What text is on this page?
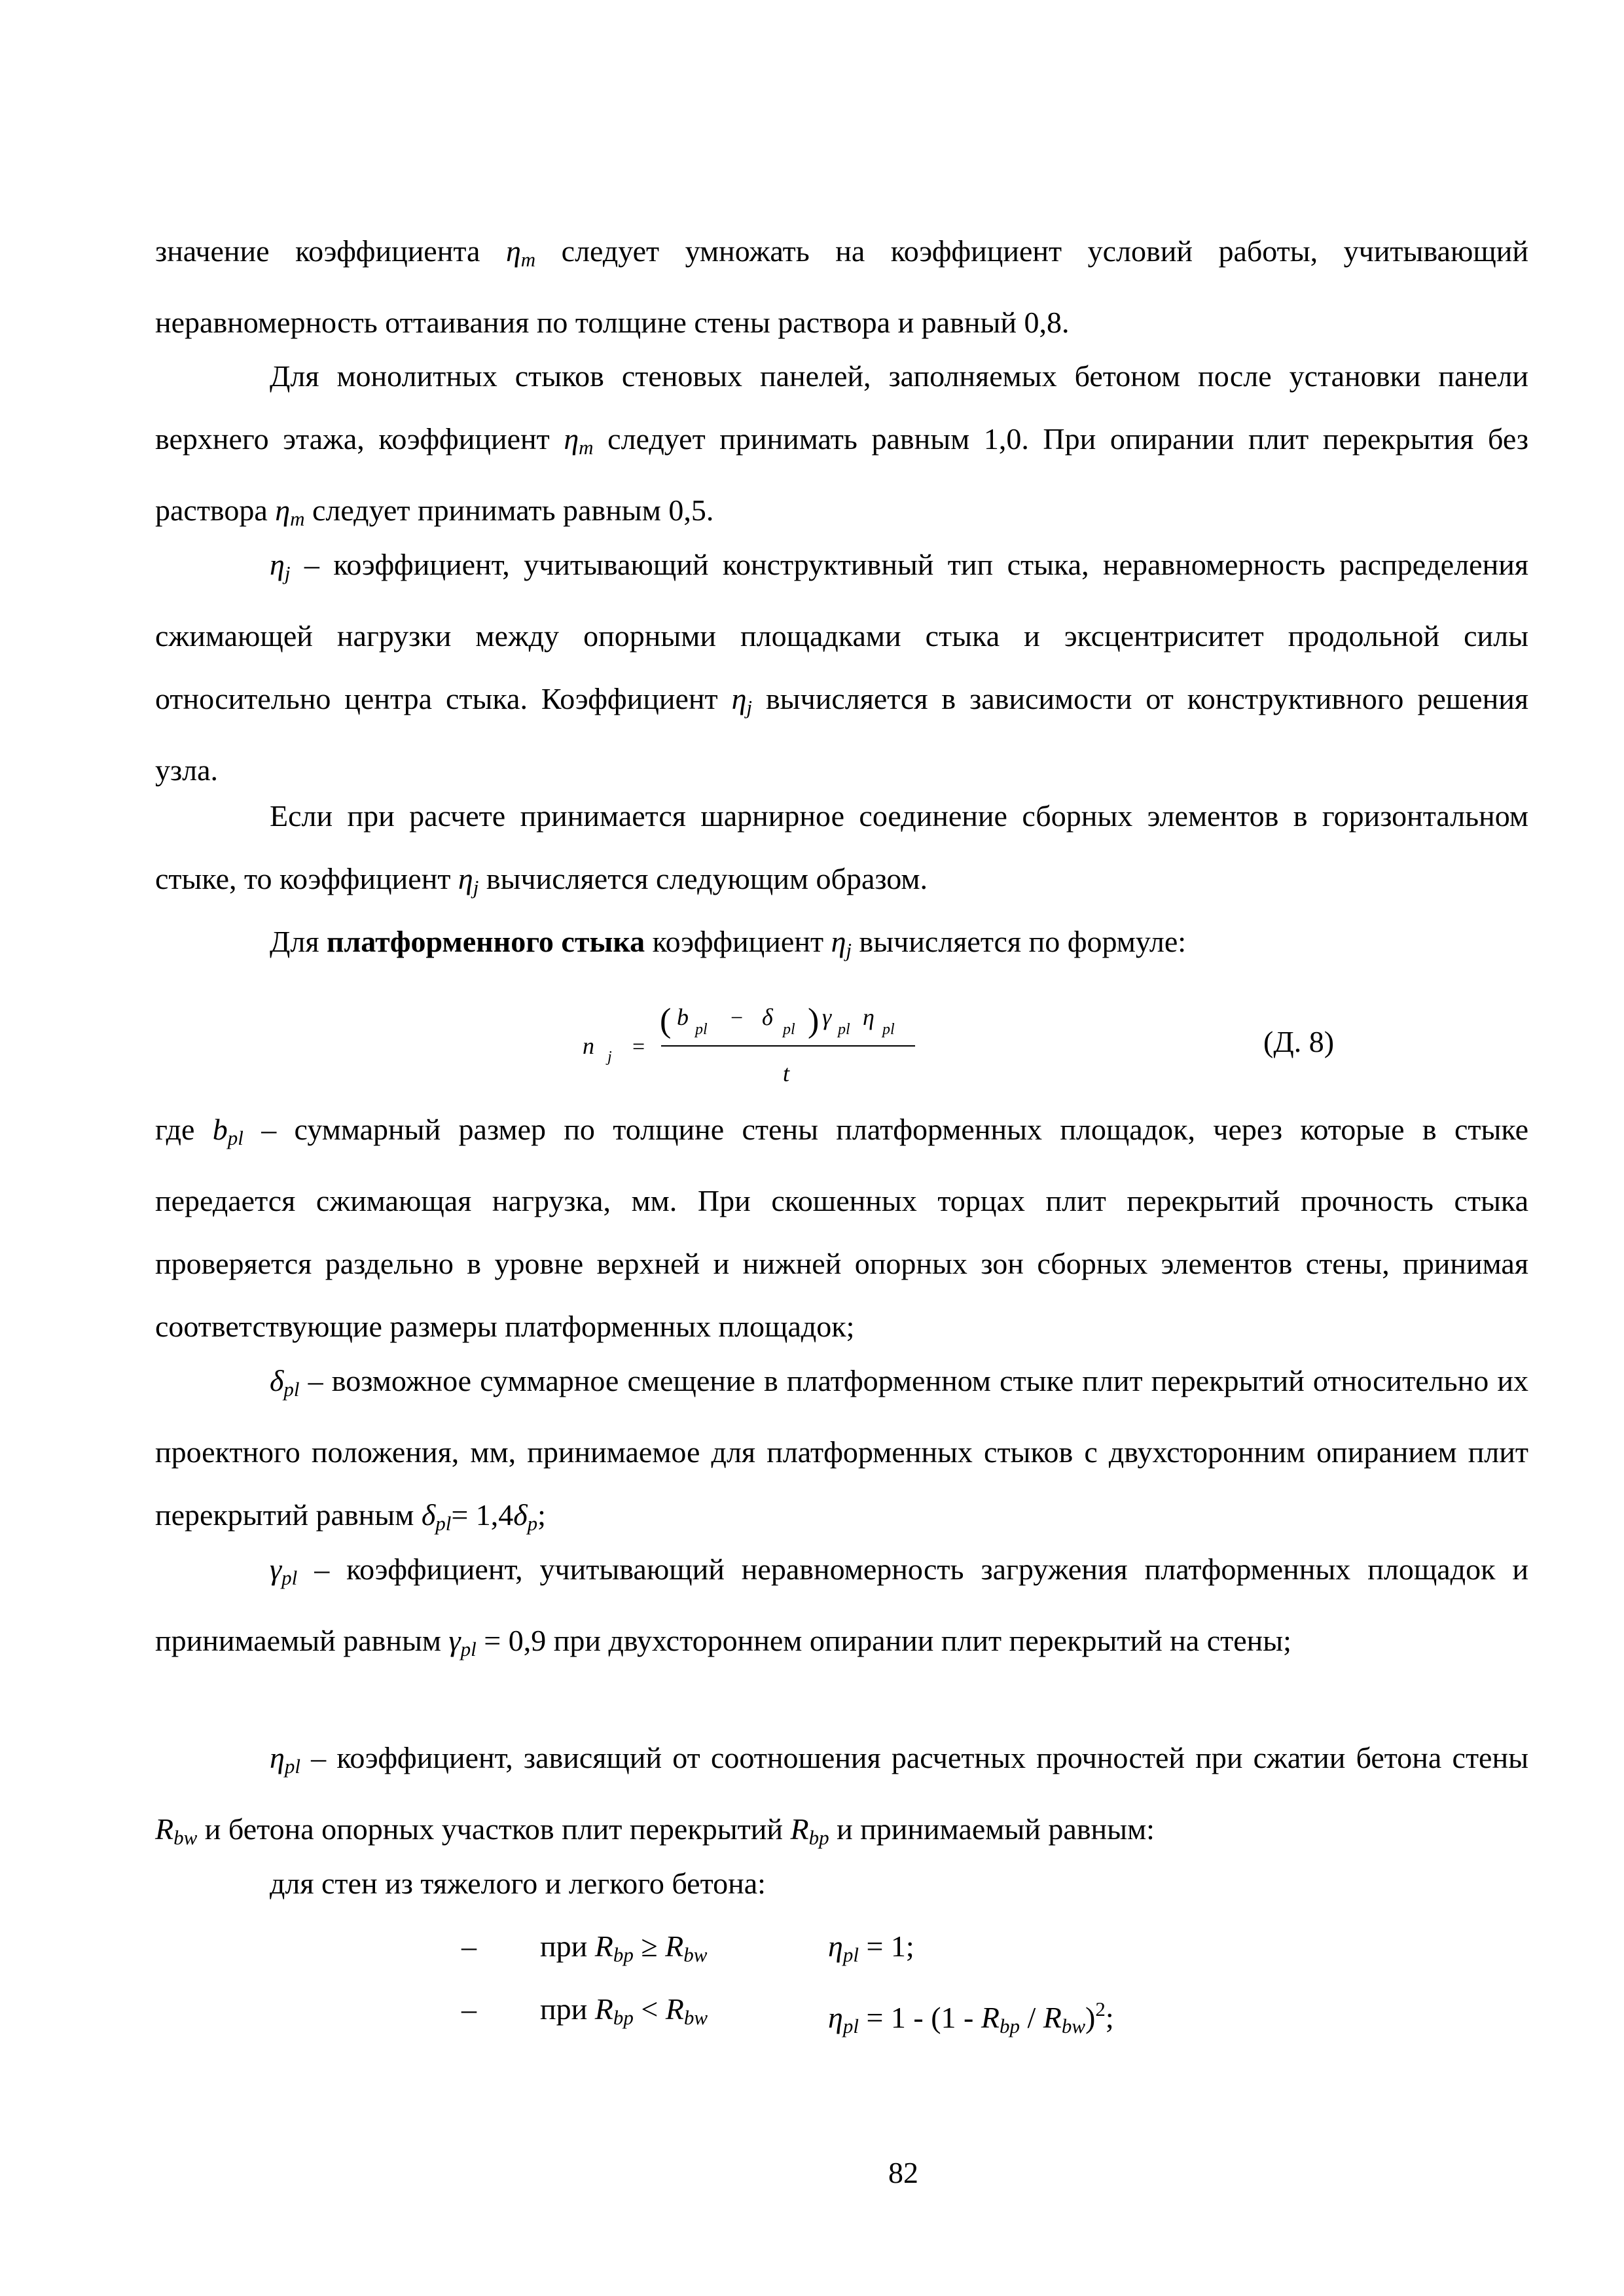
значение коэффициента $\eta_m$ следует умножать на коэффициент условий работы, учитывающий неравномерность оттаивания по толщине стены раствора и равный 0,8.

Для монолитных стыков стеновых панелей, заполняемых бетоном после установки панели верхнего этажа, коэффициент $\eta_m$ следует принимать равным 1,0. При опирании плит перекрытия без раствора $\eta_m$ следует принимать равным 0,5.

$\eta_j$ – коэффициент, учитывающий конструктивный тип стыка, неравномерность распределения сжимающей нагрузки между опорными площадками стыка и эксцентриситет продольной силы относительно центра стыка. Коэффициент $\eta_j$ вычисляется в зависимости от конструктивного решения узла.

Если при расчете принимается шарнирное соединение сборных элементов в горизонтальном стыке, то коэффициент $\eta_j$ вычисляется следующим образом.

Для платформенного стыка коэффициент $\eta_j$ вычисляется по формуле:

n j =
( b pl − δ pl ) γ pl η pl
t
(Д. 8)

где $b_{pl}$ – суммарный размер по толщине стены платформенных площадок, через которые в стыке передается сжимающая нагрузка, мм. При скошенных торцах плит перекрытий прочность стыка проверяется раздельно в уровне верхней и нижней опорных зон сборных элементов стены, принимая соответствующие размеры платформенных площадок;

$\delta_{pl}$ – возможное суммарное смещение в платформенном стыке плит перекрытий относительно их проектного положения, мм, принимаемое для платформенных стыков с двухсторонним опиранием плит перекрытий равным $\delta_{pl}= 1,4\delta_p$;

$\gamma_{pl}$ – коэффициент, учитывающий неравномерность загружения платформенных площадок и принимаемый равным $\gamma_{pl} = 0,9$ при двухстороннем опирании плит перекрытий на стены;

$\eta_{pl}$ – коэффициент, зависящий от соотношения расчетных прочностей при сжатии бетона стены $R_{bw}$ и бетона опорных участков плит перекрытий $R_{bp}$ и принимаемый равным:

для стен из тяжелого и легкого бетона:

– при $R_{bp} \ge R_{bw}$	$\eta_{pl} = 1$;
– при $R_{bp} < R_{bw}$	$\eta_{pl} = 1 - (1 - R_{bp} / R_{bw})^2$;
82
